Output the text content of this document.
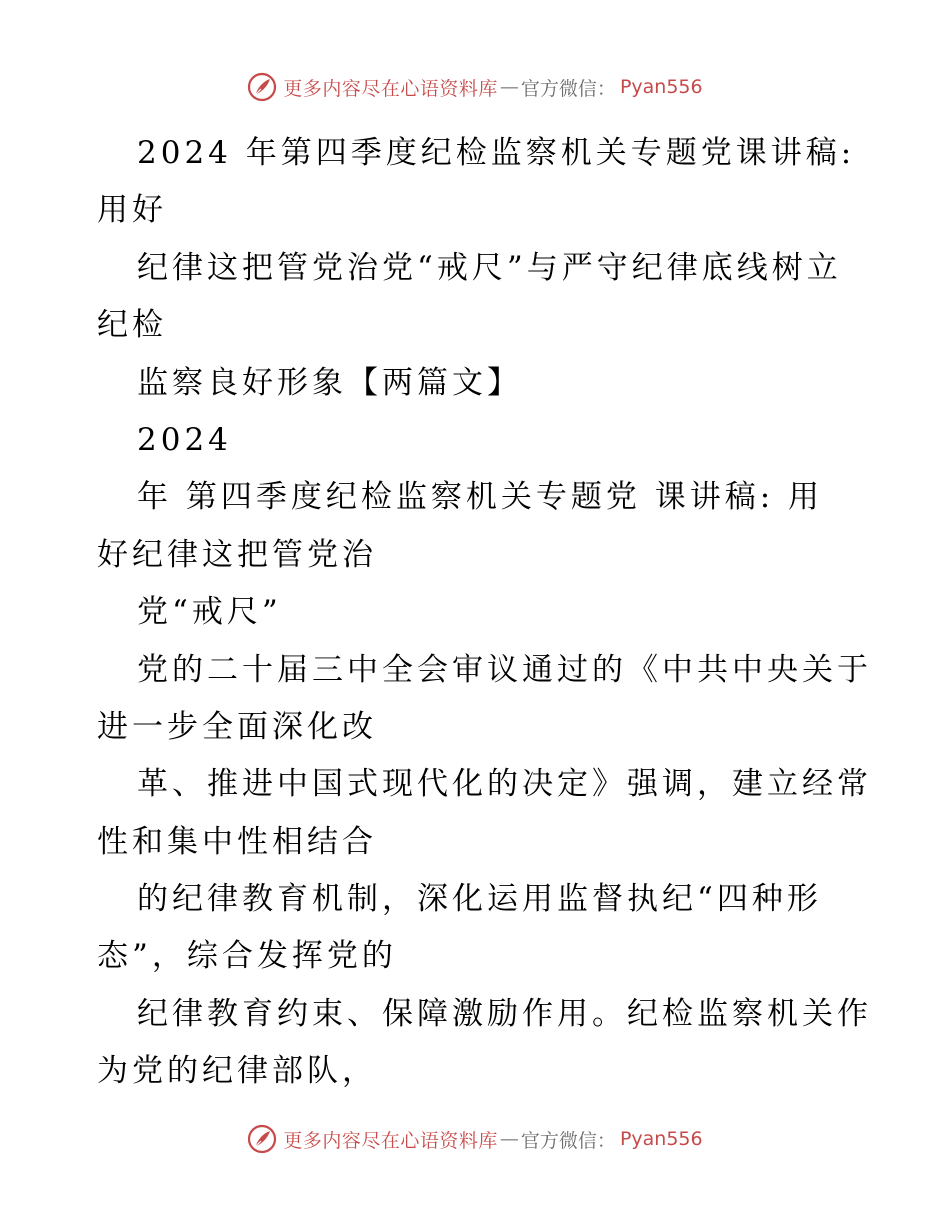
更多内容尽在心语资料库 — 官方微信： Pyan556
2024 年第四季度纪检监察机关专题党课讲稿:
用好
纪律这把管党治党“戒尺”与严守纪律底线树立
纪检
监察良好形象【两篇文】
2024
年 第四季度纪检监察机关专题党 课讲稿: 用
好纪律这把管党治
党“戒尺”
党的二十届三中全会审议通过的《中共中央关于
进一步全面深化改
革、推进中国式现代化的决定》强调，建立经常
性和集中性相结合
的纪律教育机制，深化运用监督执纪“四种形
态”，综合发挥党的
纪律教育约束、保障激励作用。纪检监察机关作
为党的纪律部队，
更多内容尽在心语资料库 — 官方微信： Pyan556
